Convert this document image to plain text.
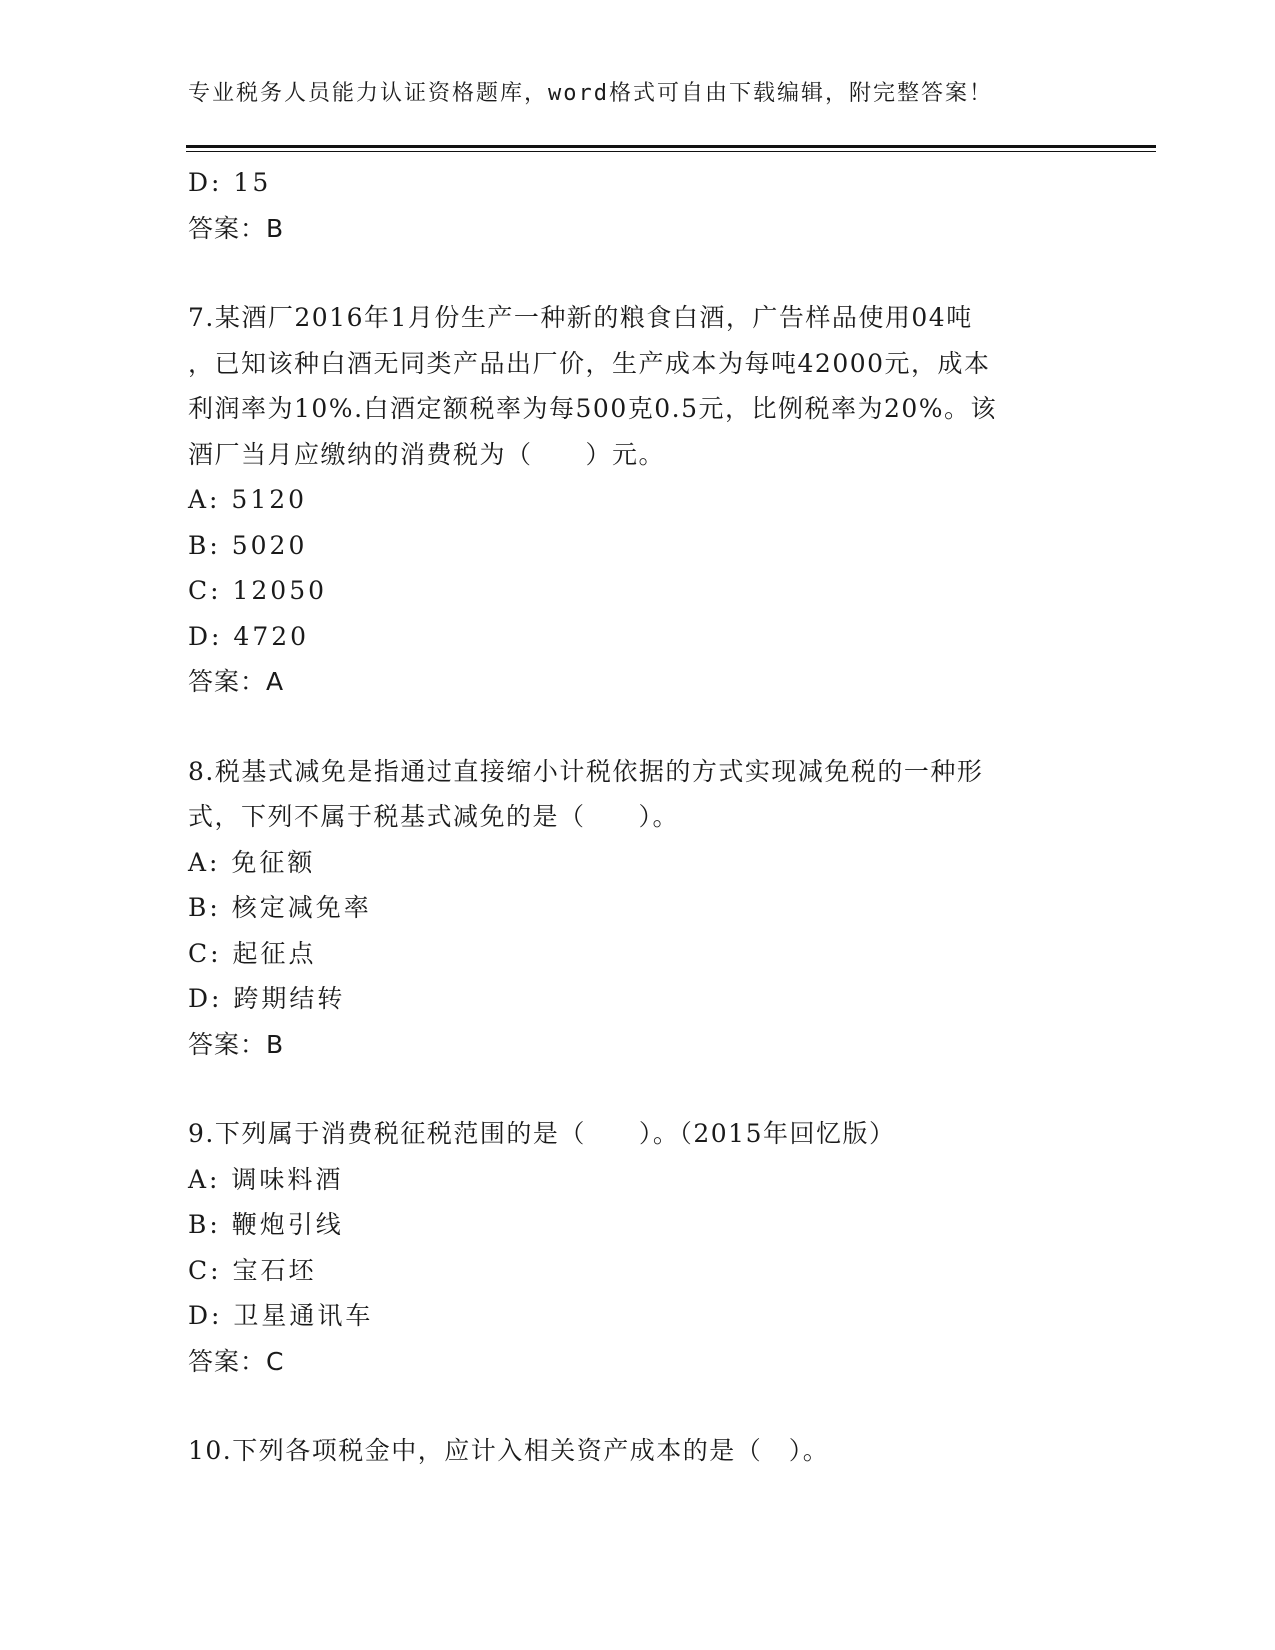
专业税务人员能力认证资格题库，word格式可自由下载编辑，附完整答案！
D: 15
答案：B
7.某酒厂2016年1月份生产一种新的粮食白酒，广告样品使用04吨
，已知该种白酒无同类产品出厂价，生产成本为每吨42000元，成本
利润率为10%.白酒定额税率为每500克0.5元，比例税率为20%。该
酒厂当月应缴纳的消费税为（　　）元。
A: 5120
B: 5020
C: 12050
D: 4720
答案：A
8.税基式减免是指通过直接缩小计税依据的方式实现减免税的一种形
式，下列不属于税基式减免的是（　　）。
A: 免征额
B: 核定减免率
C: 起征点
D: 跨期结转
答案：B
9.下列属于消费税征税范围的是（　　）。（2015年回忆版）
A: 调味料酒
B: 鞭炮引线
C: 宝石坯
D: 卫星通讯车
答案：C
10.下列各项税金中，应计入相关资产成本的是（　）。
